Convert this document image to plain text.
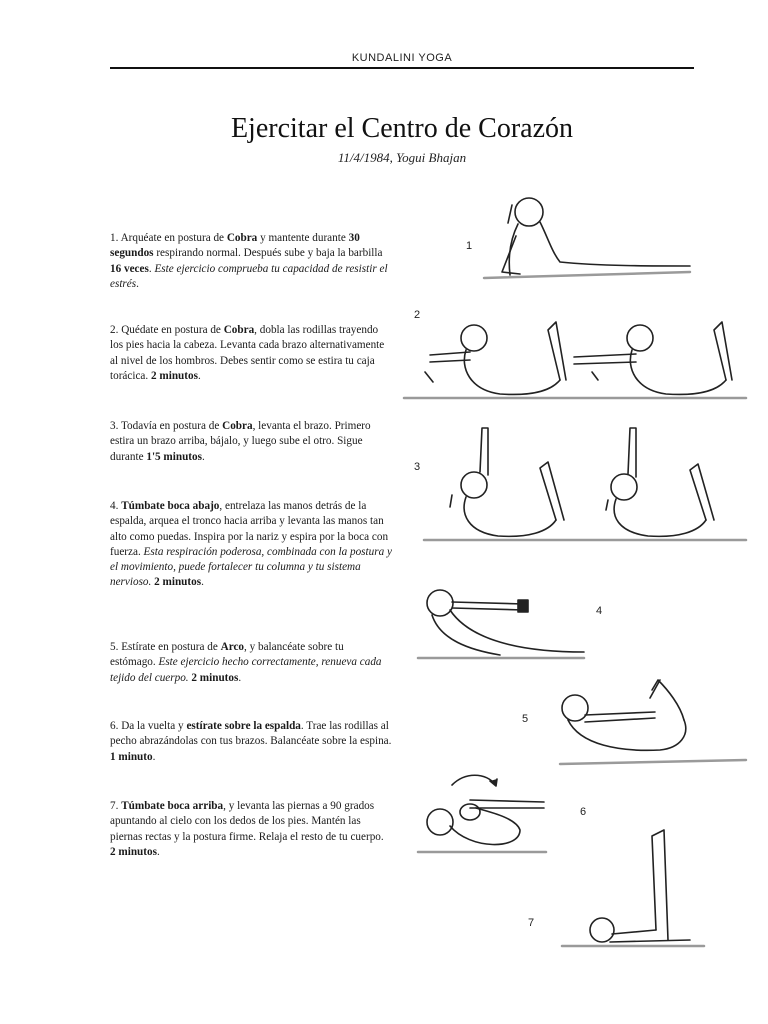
KUNDALINI YOGA
Ejercitar el Centro de Corazón
11/4/1984, Yogui Bhajan
1. Arquéate en postura de Cobra y mantente durante 30 segundos respirando normal. Después sube y baja la barbilla 16 veces. Este ejercicio comprueba tu capacidad de resistir el estrés.
2. Quédate en postura de Cobra, dobla las rodillas trayendo los pies hacia la cabeza. Levanta cada brazo alternativamente al nivel de los hombros. Debes sentir como se estira tu caja torácica. 2 minutos.
3. Todavía en postura de Cobra, levanta el brazo. Primero estira un brazo arriba, bájalo, y luego sube el otro. Sigue durante 1'5 minutos.
4. Túmbate boca abajo, entrelaza las manos detrás de la espalda, arquea el tronco hacia arriba y levanta las manos tan alto como puedas. Inspira por la nariz y espira por la boca con fuerza. Esta respiración poderosa, combinada con la postura y el movimiento, puede fortalecer tu columna y tu sistema nervioso. 2 minutos.
5. Estírate en postura de Arco, y balancéate sobre tu estómago. Este ejercicio hecho correctamente, renueva cada tejido del cuerpo. 2 minutos.
6. Da la vuelta y estírate sobre la espalda. Trae las rodillas al pecho abrazándolas con tus brazos. Balancéate sobre la espina. 1 minuto.
7. Túmbate boca arriba, y levanta las piernas a 90 grados apuntando al cielo con los dedos de los pies. Mantén las piernas rectas y la postura firme. Relaja el resto de tu cuerpo. 2 minutos.
1
2
3
4
5
6
7
